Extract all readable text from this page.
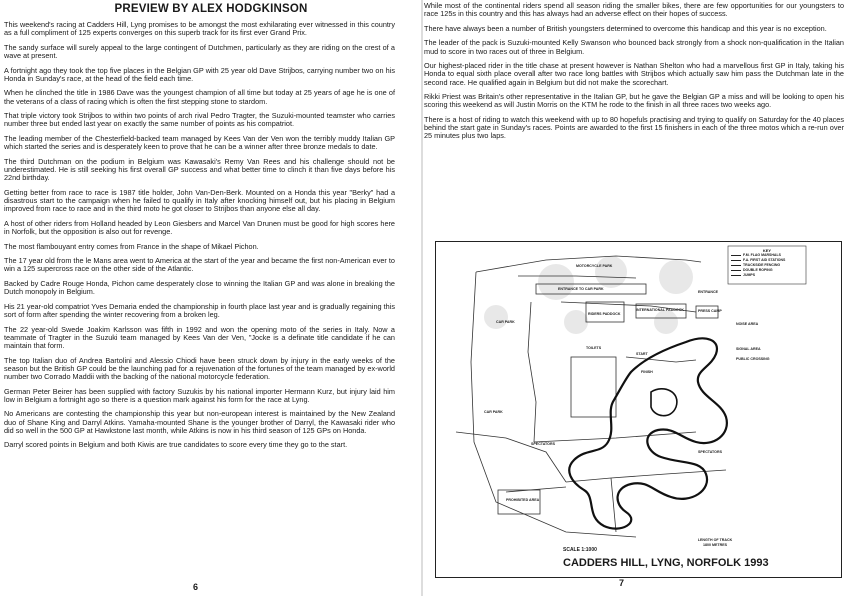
PREVIEW BY ALEX HODGKINSON

This weekend's racing at Cadders Hill, Lyng promises to be amongst the most exhilarating ever witnessed in this country as a full compliment of 125 experts converges on this superb track for its first ever Grand Prix.

The sandy surface will surely appeal to the large contingent of Dutchmen, particularly as they are riding on the crest of a wave at present.

A fortnight ago they took the top five places in the Belgian GP with 25 year old Dave Strijbos, carrying number two on his Honda in Sunday's race, at the head of the field each time.

When he clinched the title in 1986 Dave was the youngest champion of all time but today at 25 years of age he is one of the veterans of a class of racing which is often the first stepping stone to stardom.

That triple victory took Strijbos to within two points of arch rival Pedro Tragter, the Suzuki-mounted teamster who carries number three but ended last year on exactly the same number of points as his compatriot.

The leading member of the Chesterfield-backed team managed by Kees Van der Ven won the terribly muddy Italian GP which started the series and is desperately keen to prove that he can be a winner after three bronze medals to date.

The third Dutchman on the podium in Belgium was Kawasaki's Remy Van Rees and his challenge should not be underestimated. He is still seeking his first overall GP success and what better time to clinch it than five days before his 22nd birthday.

Getting better from race to race is 1987 title holder, John Van-Den-Berk. Mounted on a Honda this year "Berky" had a disastrous start to the campaign when he failed to qualify in Italy after knocking himself out, but his placing in Belgium improved from race to race and in the third moto he got closer to Strijbos than anyone else all day.

A host of other riders from Holland headed by Leon Giesbers and Marcel Van Drunen must be good for high scores here in Norfolk, but the opposition is also out for revenge.

The most flambouyant entry comes from France in the shape of Mikael Pichon.

The 17 year old from the le Mans area went to America at the start of the year and became the first non-American ever to win a 125 supercross race on the other side of the Atlantic.

Backed by Cadre Rouge Honda, Pichon came desperately close to winning the Italian GP and was alone in breaking the Dutch monopoly in Belgium.

His 21 year-old compatriot Yves Demaria ended the championship in fourth place last year and is gradually regaining this sort of form after spending the winter recovering from a broken leg.

The 22 year-old Swede Joakim Karlsson was fifth in 1992 and won the opening moto of the series in Italy. Now a teammate of Tragter in the Suzuki team managed by Kees Van der Ven, "Jocke is a definate title candidate if he can maintain that form.

The top Italian duo of Andrea Bartolini and Alessio Chiodi have been struck down by injury in the early weeks of the season but the British GP could be the launching pad for a rejuvenation of the fortunes of the team managed by ex-world number two Corrado Maddii with the backing of the national motorcycle federation.

German Peter Beirer has been supplied with factory Suzukis by his national importer Hermann Kurz, but injury laid him low in Belgium a fortnight ago so there is a question mark against his form for the race at Lyng.

No Americans are contesting the championship this year but non-european interest is maintained by the New Zealand duo of Shane King and Darryl Atkins. Yamaha-mounted Shane is the younger brother of Darryl, the Kawasaki rider who did so well in the 500 GP at Hawkstone last month, while Atkins is now in his third season of 125 GPs on Honda.

Darryl scored points in Belgium and both Kiwis are true candidates to score every time they go to the start.

6

While most of the continental riders spend all season riding the smaller bikes, there are few opportunities for our youngsters to race 125s in this country and this has always had an adverse effect on their hopes of success.

There have always been a number of British youngsters determined to overcome this handicap and this year is no exception.

The leader of the pack is Suzuki-mounted Kelly Swanson who bounced back strongly from a shock non-qualification in the Italian mud to score in two races out of three in Belgium.

Our highest-placed rider in the title chase at present however is Nathan Shelton who had a marvellous first GP in Italy, taking his Honda to equal sixth place overall after two race long battles with Strijbos which actually saw him pass the Dutchman late in the second race. He qualified again in Belgium but did not make the scorechart.

Rikki Priest was Britain's other representative in the Italian GP, but he gave the Belgian GP a miss and will be looking to open his scoring this weekend as will Justin Morris on the KTM he rode to the finish in all three races two weeks ago.

There is a host of riding to watch this weekend with up to 80 hopefuls practising and trying to qualify on Saturday for the 40 places behind the start gate in Sunday's races. Points are awarded to the first 15 finishers in each of the three motos which a re-run over 25 minutes plus two laps.

KEY
F.M. FLAG MARSHALS
F.A. FIRST AID STATIONS
TRACKSIDE FENCING
DOUBLE ROPING
JUMPS
MOTORCYCLE PARK
ENTRANCE TO CAR PARK
ENTRANCE
PRESS CAMP
NOISE AREA
INTERNATIONAL PADDOCK
RIDERS PADDOCK
CAR PARK
CAR PARK
SIGNAL AREA
PUBLIC CROSSING
SPECTATORS
SPECTATORS
PROHIBITED AREA
TOILETS
START
FINISH
SCALE 1:1000
LENGTH OF TRACK 1800 METRES
CADDERS HILL, LYNG, NORFOLK 1993
7
